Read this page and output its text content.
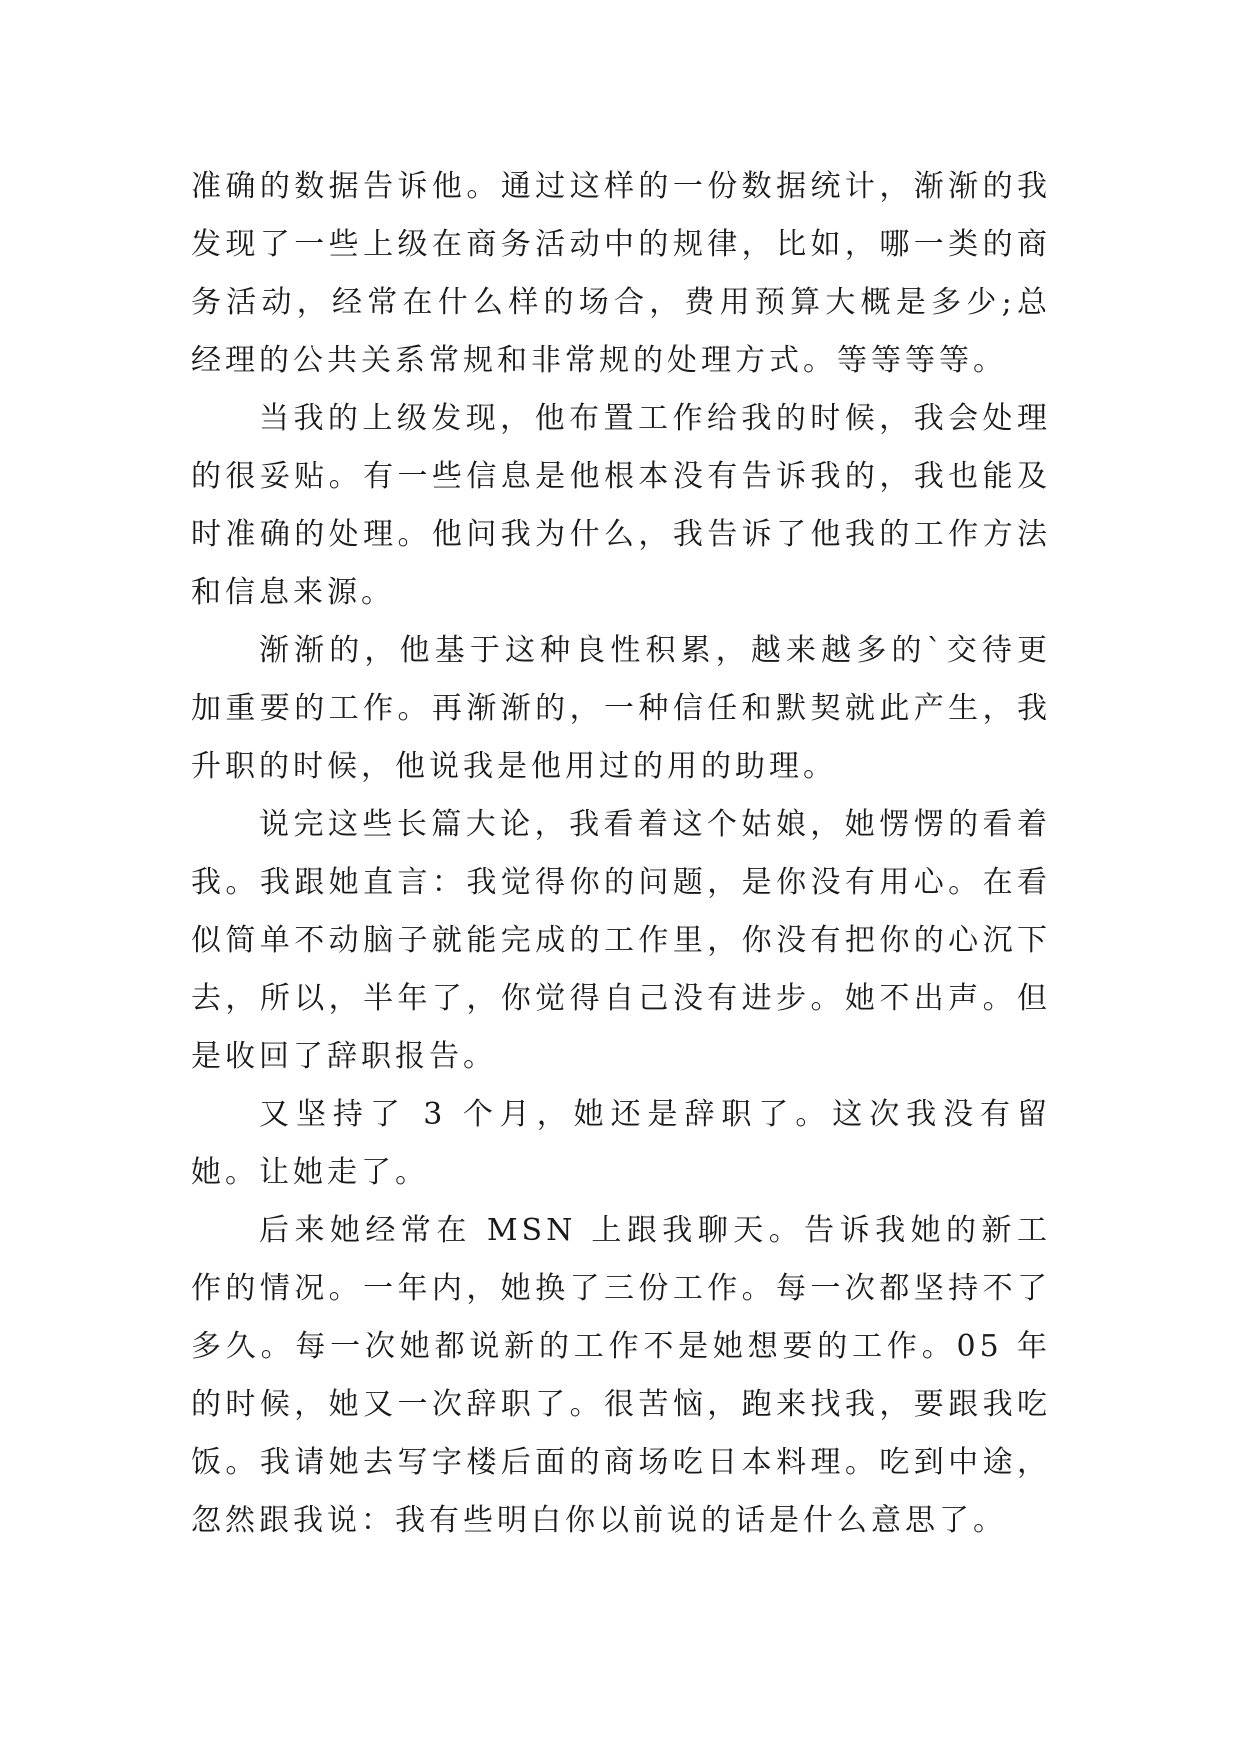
准确的数据告诉他。通过这样的一份数据统计，渐渐的我发现了一些上级在商务活动中的规律，比如，哪一类的商务活动，经常在什么样的场合，费用预算大概是多少;总经理的公共关系常规和非常规的处理方式。等等等等。

当我的上级发现，他布置工作给我的时候，我会处理的很妥贴。有一些信息是他根本没有告诉我的，我也能及时准确的处理。他问我为什么，我告诉了他我的工作方法和信息来源。

渐渐的，他基于这种良性积累，越来越多的`交待更加重要的工作。再渐渐的，一种信任和默契就此产生，我升职的时候，他说我是他用过的用的助理。

说完这些长篇大论，我看着这个姑娘，她愣愣的看着我。我跟她直言：我觉得你的问题，是你没有用心。在看似简单不动脑子就能完成的工作里，你没有把你的心沉下去，所以，半年了，你觉得自己没有进步。她不出声。但是收回了辞职报告。

又坚持了 3 个月，她还是辞职了。这次我没有留她。让她走了。

后来她经常在 MSN 上跟我聊天。告诉我她的新工作的情况。一年内，她换了三份工作。每一次都坚持不了多久。每一次她都说新的工作不是她想要的工作。05 年的时候，她又一次辞职了。很苦恼，跑来找我，要跟我吃饭。我请她去写字楼后面的商场吃日本料理。吃到中途，忽然跟我说：我有些明白你以前说的话是什么意思了。
